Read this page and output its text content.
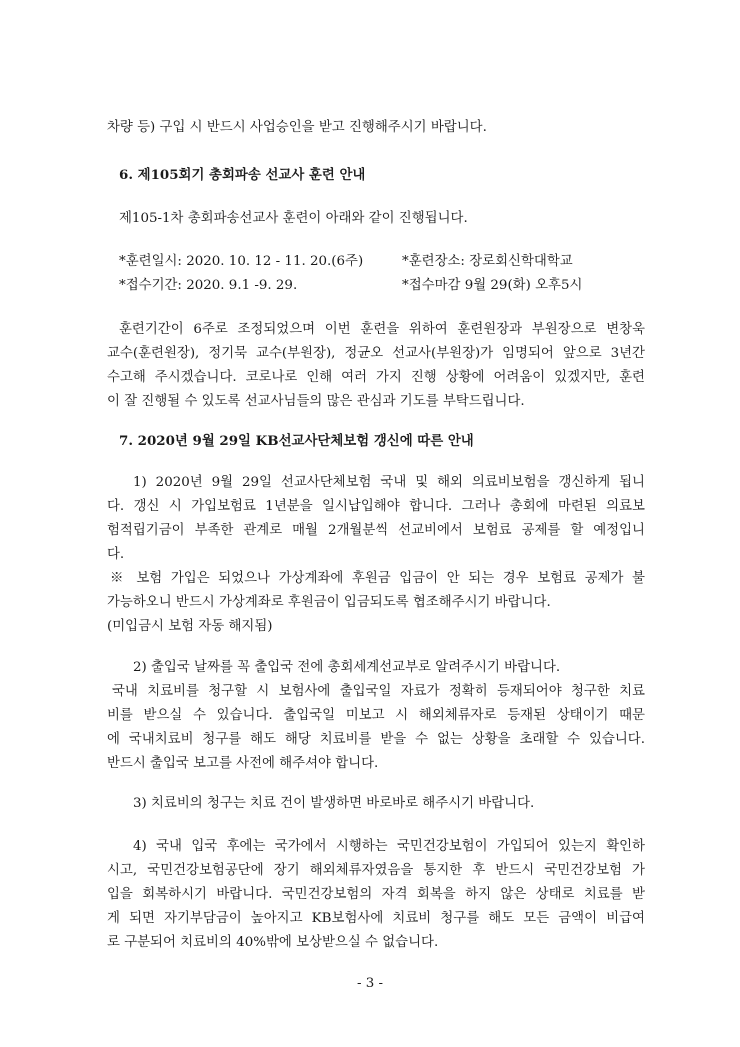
차량 등) 구입 시 반드시 사업승인을 받고 진행해주시기 바랍니다.
6. 제105회기 총회파송 선교사 훈련 안내
제105-1차 총회파송선교사 훈련이 아래와 같이 진행됩니다.
*훈련일시: 2020. 10. 12 - 11. 20.(6주)	*훈련장소: 장로회신학대학교
*접수기간: 2020. 9.1 -9. 29.	*접수마감 9월 29(화) 오후5시
훈련기간이 6주로 조정되었으며 이번 훈련을 위하여 훈련원장과 부원장으로 변창욱
교수(훈련원장), 정기묵 교수(부원장), 정균오 선교사(부원장)가 임명되어 앞으로 3년간
수고해 주시겠습니다. 코로나로 인해 여러 가지 진행 상황에 어려움이 있겠지만, 훈련
이 잘 진행될 수 있도록 선교사님들의 많은 관심과 기도를 부탁드립니다.
7. 2020년 9월 29일 KB선교사단체보험 갱신에 따른 안내
1) 2020년 9월 29일 선교사단체보험 국내 및 해외 의료비보험을 갱신하게 됩니
다. 갱신 시 가입보험료 1년분을 일시납입해야 합니다. 그러나 총회에 마련된 의료보
험적립기금이 부족한 관계로 매월 2개월분씩 선교비에서 보험료 공제를 할 예정입니
다.
※ 보험 가입은 되었으나 가상계좌에 후원금 입금이 안 되는 경우 보험료 공제가 불
가능하오니 반드시 가상계좌로 후원금이 입금되도록 협조해주시기 바랍니다.
(미입금시 보험 자동 해지됨)
2) 출입국 날짜를 꼭 출입국 전에 총회세계선교부로 알려주시기 바랍니다.
국내 치료비를 청구할 시 보험사에 출입국일 자료가 정확히 등재되어야 청구한 치료
비를 받으실 수 있습니다. 출입국일 미보고 시 해외체류자로 등재된 상태이기 때문
에 국내치료비 청구를 해도 해당 치료비를 받을 수 없는 상황을 초래할 수 있습니다.
반드시 출입국 보고를 사전에 해주셔야 합니다.
3) 치료비의 청구는 치료 건이 발생하면 바로바로 해주시기 바랍니다.
4) 국내 입국 후에는 국가에서 시행하는 국민건강보험이 가입되어 있는지 확인하
시고, 국민건강보험공단에 장기 해외체류자였음을 통지한 후 반드시 국민건강보험 가
입을 회복하시기 바랍니다. 국민건강보험의 자격 회복을 하지 않은 상태로 치료를 받
게 되면 자기부담금이 높아지고 KB보험사에 치료비 청구를 해도 모든 금액이 비급여
로 구분되어 치료비의 40%밖에 보상받으실 수 없습니다.
- 3 -
